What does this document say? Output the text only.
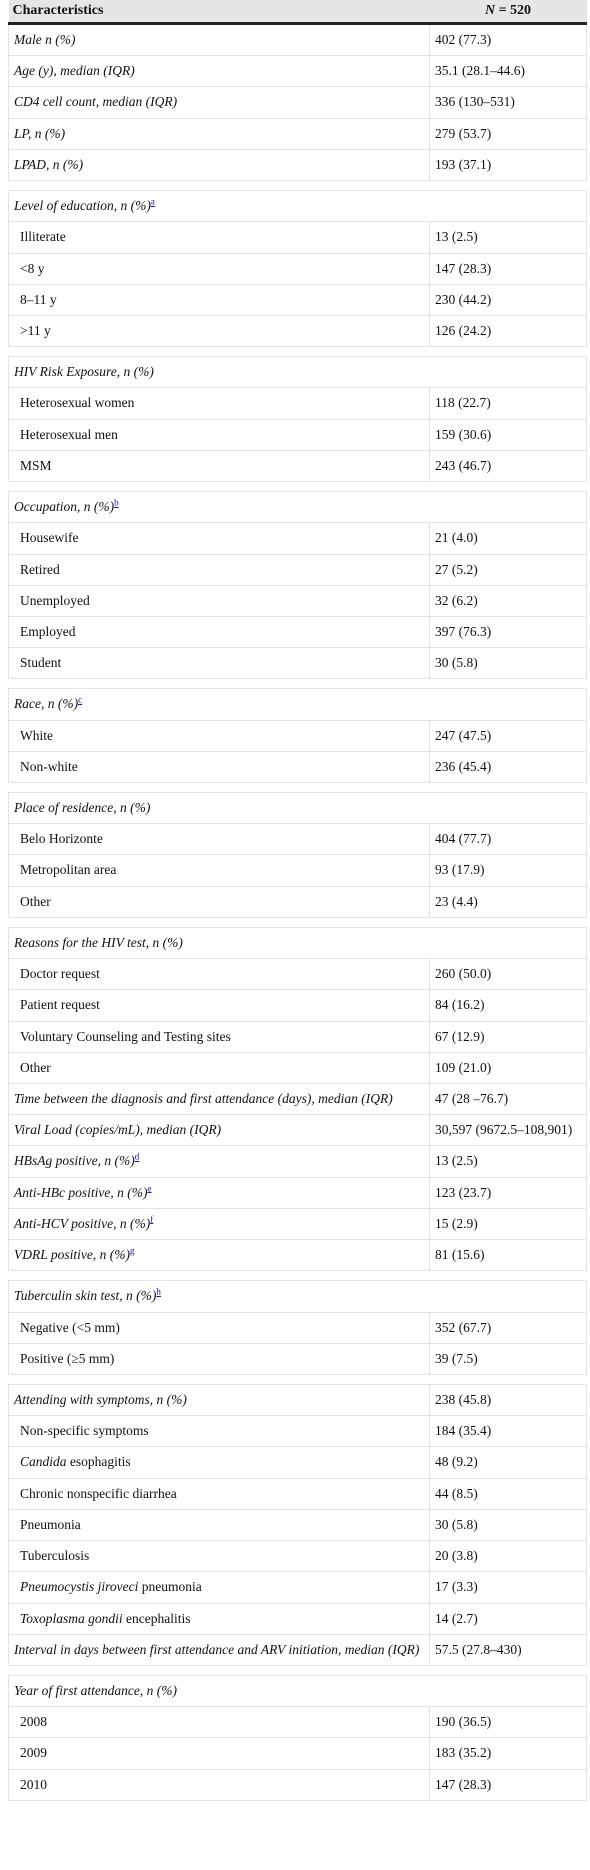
Characteristics	N = 520
Male n (%)	402 (77.3)
Age (y), median (IQR)	35.1 (28.1–44.6)
CD4 cell count, median (IQR)	336 (130–531)
LP, n (%)	279 (53.7)
LPAD, n (%)	193 (37.1)

Level of education, n (%)$^a$
Illiterate	13 (2.5)
<8 y	147 (28.3)
8–11 y	230 (44.2)
>11 y	126 (24.2)

HIV Risk Exposure, n (%)	
Heterosexual women	118 (22.7)
Heterosexual men	159 (30.6)
MSM	243 (46.7)

Occupation, n (%)$^b$
Housewife	21 (4.0)
Retired	27 (5.2)
Unemployed	32 (6.2)
Employed	397 (76.3)
Student	30 (5.8)

Race, n (%)$^c$
White	247 (47.5)
Non-white	236 (45.4)

Place of residence, n (%)	
Belo Horizonte	404 (77.7)
Metropolitan area	93 (17.9)
Other	23 (4.4)

Reasons for the HIV test, n (%)	
Doctor request	260 (50.0)
Patient request	84 (16.2)
Voluntary Counseling and Testing sites	67 (12.9)
Other	109 (21.0)
Time between the diagnosis and first attendance (days), median (IQR)	47 (28 –76.7)
Viral Load (copies/mL), median (IQR)	30,597 (9672.5–108,901)
HBsAg positive, n (%)$^d$	13 (2.5)
Anti-HBc positive, n (%)$^e$	123 (23.7)
Anti-HCV positive, n (%)$^f$	15 (2.9)
VDRL positive, n (%)$^g$	81 (15.6)

Tuberculin skin test, n (%)$^h$
Negative (<5 mm)	352 (67.7)
Positive (≥5 mm)	39 (7.5)

Attending with symptoms, n (%)	238 (45.8)
Non-specific symptoms	184 (35.4)
Candida esophagitis	48 (9.2)
Chronic nonspecific diarrhea	44 (8.5)
Pneumonia	30 (5.8)
Tuberculosis	20 (3.8)
Pneumocystis jiroveci pneumonia	17 (3.3)
Toxoplasma gondii encephalitis	14 (2.7)
Interval in days between first attendance and ARV initiation, median (IQR)	57.5 (27.8–430)

Year of first attendance, n (%)	
2008	190 (36.5)
2009	183 (35.2)
2010	147 (28.3)
